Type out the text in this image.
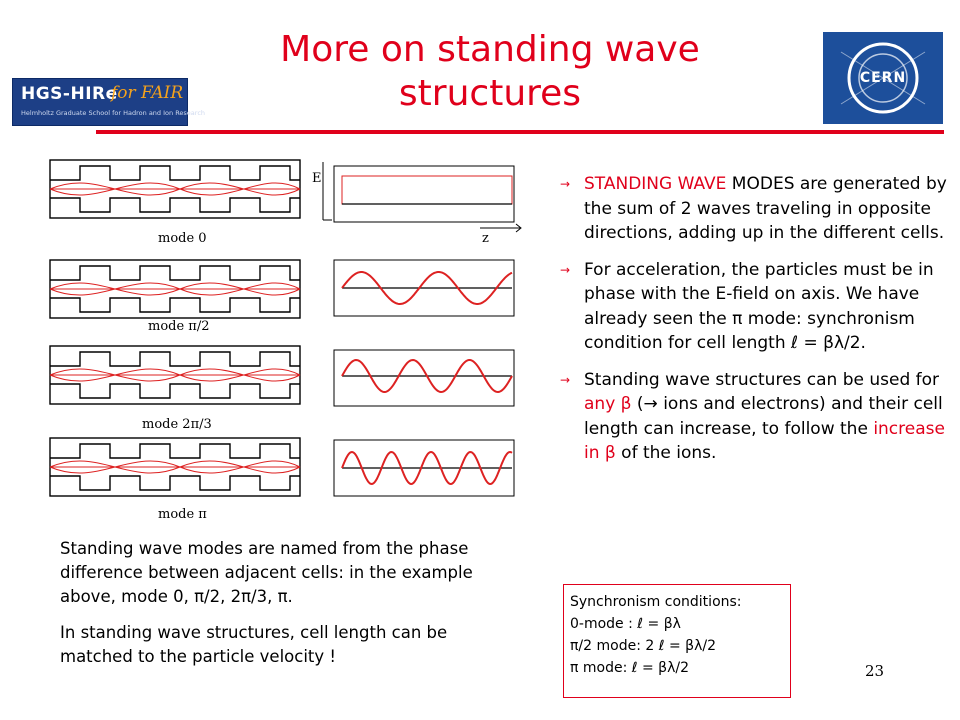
More on standing wave
structures
HGS-HIRe
for FAIR
Helmholtz Graduate School for Hadron and Ion Research
CERN
mode 0
E
z
mode π/2
mode 2π/3
mode π
→ STANDING WAVE MODES are generated by the sum of 2 waves traveling in opposite directions, adding up in the different cells.
→ For acceleration, the particles must be in phase with the E-field on axis. We have already seen the π mode: synchronism condition for cell length ℓ = βλ/2.
→ Standing wave structures can be used for any β (→ ions and electrons) and their cell length can increase, to follow the increase in β of the ions.

Standing wave modes are named from the phase difference between adjacent cells: in the example above, mode 0, π/2, 2π/3, π.

In standing wave structures, cell length can be matched to the particle velocity !

Synchronism conditions:
0-mode : ℓ = βλ
π/2 mode: 2 ℓ = βλ/2
π mode: ℓ = βλ/2	23
